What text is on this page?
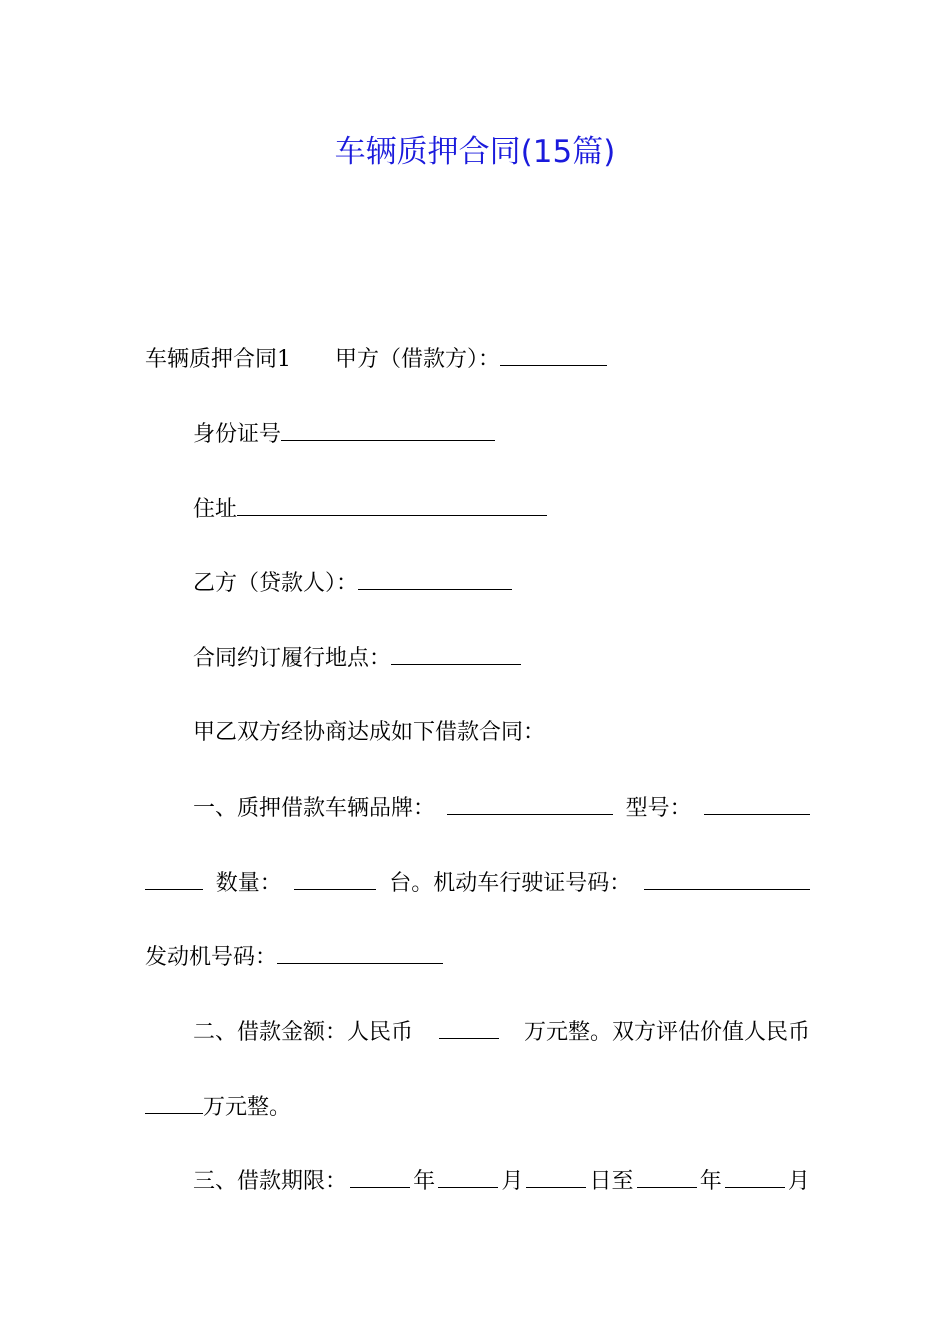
车辆质押合同(15篇)
车辆质押合同1 甲方（借款方）：
身份证号
住址
乙方（贷款人）：
合同约订履行地点：
甲乙双方经协商达成如下借款合同：
一、质押借款车辆品牌：	型号：
数量：	台。机动车行驶证号码：
发动机号码：
二、借款金额：人民币	万元整。双方评估价值人民币
万元整。
三、借款期限：	年	月	日至	年	月
